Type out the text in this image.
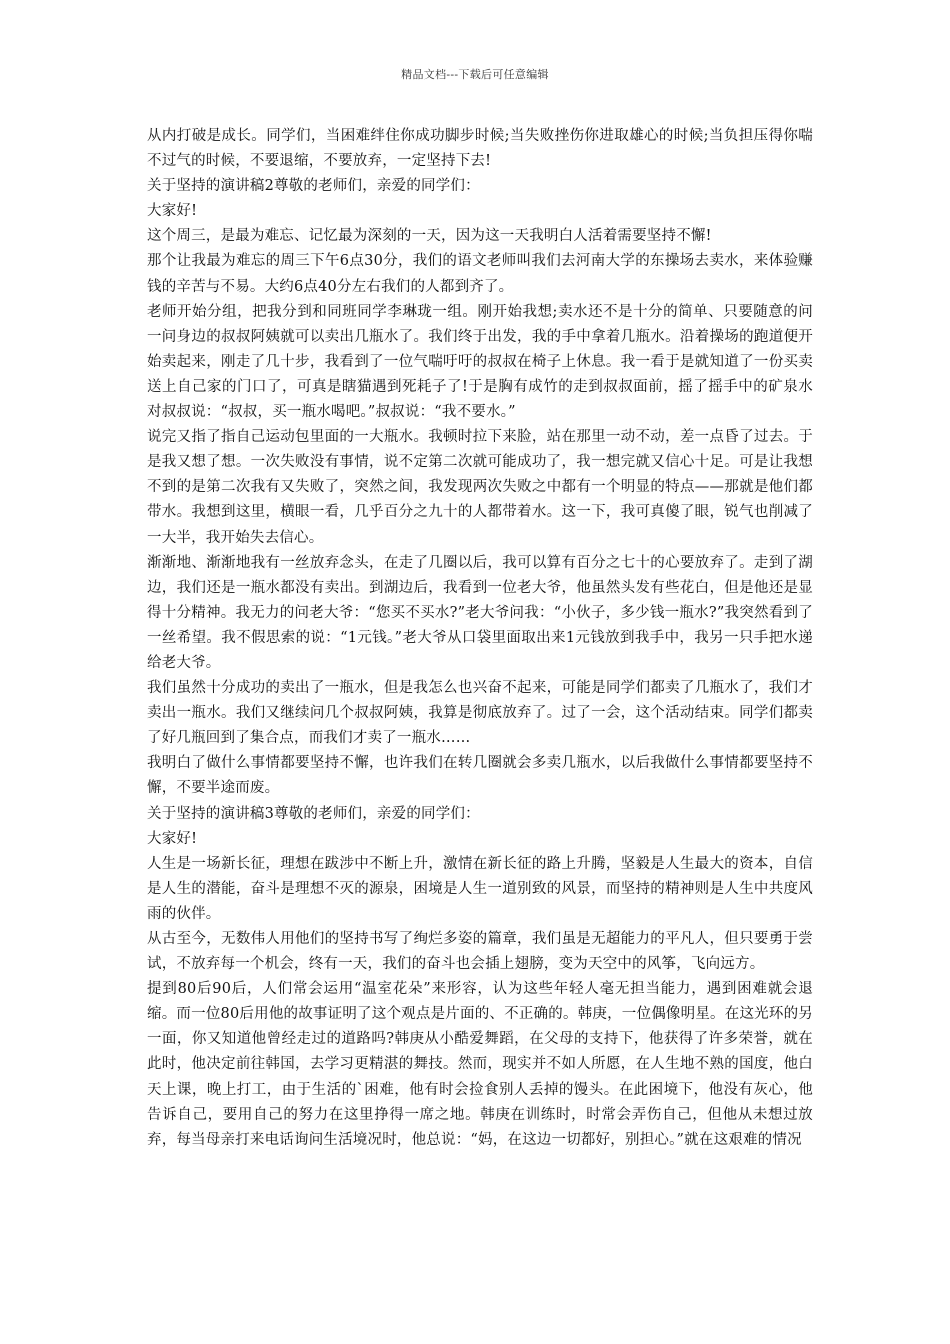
精品文档---下载后可任意编辑

从内打破是成长。同学们，当困难绊住你成功脚步时候;当失败挫伤你进取雄心的时候;当负担压得你喘不过气的时候，不要退缩，不要放弃，一定坚持下去!

关于坚持的演讲稿2尊敬的老师们，亲爱的同学们：

大家好!

这个周三，是最为难忘、记忆最为深刻的一天，因为这一天我明白人活着需要坚持不懈!

那个让我最为难忘的周三下午6点30分，我们的语文老师叫我们去河南大学的东操场去卖水，来体验赚钱的辛苦与不易。大约6点40分左右我们的人都到齐了。

老师开始分组，把我分到和同班同学李琳珑一组。刚开始我想;卖水还不是十分的简单、只要随意的问一问身边的叔叔阿姨就可以卖出几瓶水了。我们终于出发，我的手中拿着几瓶水。沿着操场的跑道便开始卖起来，刚走了几十步，我看到了一位气喘吁吁的叔叔在椅子上休息。我一看于是就知道了一份买卖送上自己家的门口了，可真是瞎猫遇到死耗子了!于是胸有成竹的走到叔叔面前，摇了摇手中的矿泉水对叔叔说：“叔叔，买一瓶水喝吧。”叔叔说：“我不要水。”

说完又指了指自己运动包里面的一大瓶水。我顿时拉下来脸，站在那里一动不动，差一点昏了过去。于是我又想了想。一次失败没有事情，说不定第二次就可能成功了，我一想完就又信心十足。可是让我想不到的是第二次我有又失败了，突然之间，我发现两次失败之中都有一个明显的特点——那就是他们都带水。我想到这里，横眼一看，几乎百分之九十的人都带着水。这一下，我可真傻了眼，锐气也削减了一大半，我开始失去信心。

渐渐地、渐渐地我有一丝放弃念头，在走了几圈以后，我可以算有百分之七十的心要放弃了。走到了湖边，我们还是一瓶水都没有卖出。到湖边后，我看到一位老大爷，他虽然头发有些花白，但是他还是显得十分精神。我无力的问老大爷：“您买不买水?”老大爷问我：“小伙子，多少钱一瓶水?”我突然看到了一丝希望。我不假思索的说：“1元钱。”老大爷从口袋里面取出来1元钱放到我手中，我另一只手把水递给老大爷。

我们虽然十分成功的卖出了一瓶水，但是我怎么也兴奋不起来，可能是同学们都卖了几瓶水了，我们才卖出一瓶水。我们又继续问几个叔叔阿姨，我算是彻底放弃了。过了一会，这个活动结束。同学们都卖了好几瓶回到了集合点，而我们才卖了一瓶水……

我明白了做什么事情都要坚持不懈，也许我们在转几圈就会多卖几瓶水，以后我做什么事情都要坚持不懈，不要半途而废。

关于坚持的演讲稿3尊敬的老师们，亲爱的同学们：

大家好!

人生是一场新长征，理想在跋涉中不断上升，激情在新长征的路上升腾，坚毅是人生最大的资本，自信是人生的潜能，奋斗是理想不灭的源泉，困境是人生一道别致的风景，而坚持的精神则是人生中共度风雨的伙伴。

从古至今，无数伟人用他们的坚持书写了绚烂多姿的篇章，我们虽是无超能力的平凡人，但只要勇于尝试，不放弃每一个机会，终有一天，我们的奋斗也会插上翅膀，变为天空中的风筝，飞向远方。

提到80后90后，人们常会运用“温室花朵”来形容，认为这些年轻人毫无担当能力，遇到困难就会退缩。而一位80后用他的故事证明了这个观点是片面的、不正确的。韩庚，一位偶像明星。在这光环的另一面，你又知道他曾经走过的道路吗?韩庚从小酷爱舞蹈，在父母的支持下，他获得了许多荣誉，就在此时，他决定前往韩国，去学习更精湛的舞技。然而，现实并不如人所愿，在人生地不熟的国度，他白天上课，晚上打工，由于生活的`困难，他有时会捡食别人丢掉的馒头。在此困境下，他没有灰心，他告诉自己，要用自己的努力在这里挣得一席之地。韩庚在训练时，时常会弄伤自己，但他从未想过放弃，每当母亲打来电话询问生活境况时，他总说：“妈，在这边一切都好，别担心。”就在这艰难的情况
